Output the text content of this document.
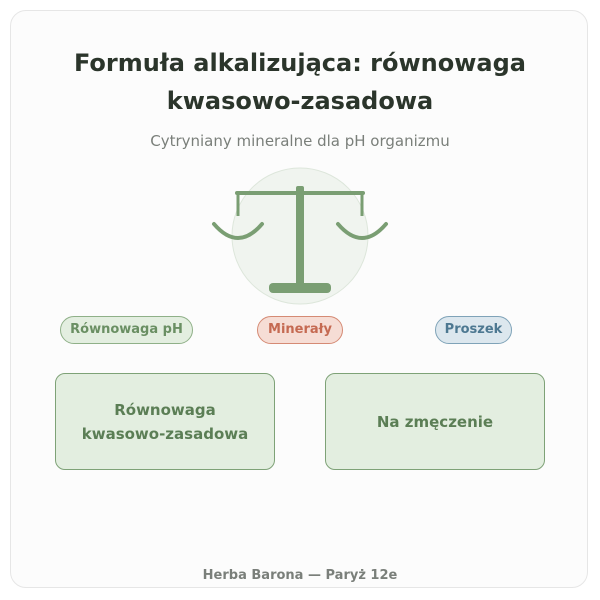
Formuła alkalizująca: równowaga
kwasowo-zasadowa
Cytryniany mineralne dla pH organizmu
Równowaga pH	Minerały	Proszek
Równowaga
kwasowo-zasadowa
Na zmęczenie
Herba Barona — Paryż 12e
